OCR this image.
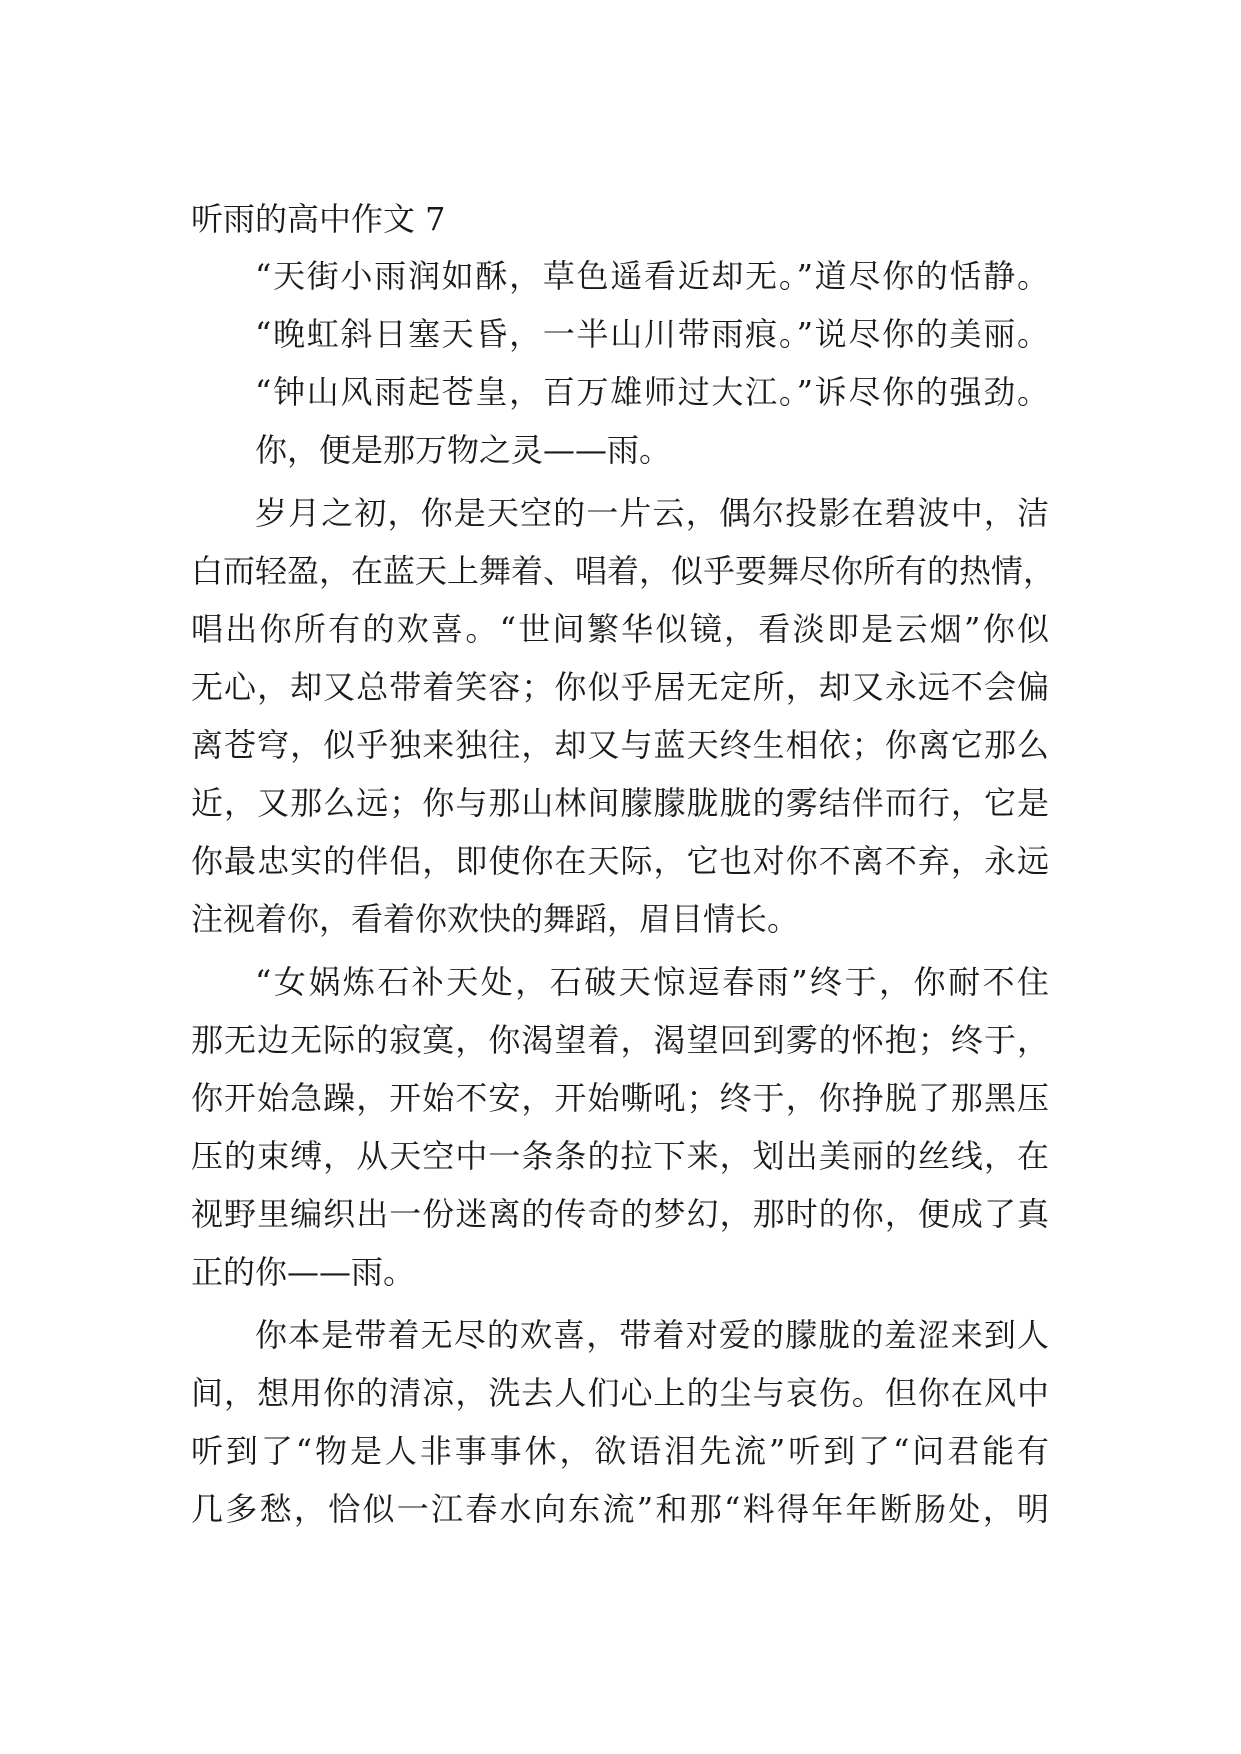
听雨的高中作文 7
“天街小雨润如酥，草色遥看近却无。”道尽你的恬静。
“晚虹斜日塞天昏，一半山川带雨痕。”说尽你的美丽。
“钟山风雨起苍皇，百万雄师过大江。”诉尽你的强劲。
你，便是那万物之灵——雨。
岁月之初，你是天空的一片云，偶尔投影在碧波中，洁
白而轻盈，在蓝天上舞着、唱着，似乎要舞尽你所有的热情，
唱出你所有的欢喜。“世间繁华似镜，看淡即是云烟”你似
无心，却又总带着笑容；你似乎居无定所，却又永远不会偏
离苍穹，似乎独来独往，却又与蓝天终生相依；你离它那么
近，又那么远；你与那山林间朦朦胧胧的雾结伴而行，它是
你最忠实的伴侣，即使你在天际，它也对你不离不弃，永远
注视着你，看着你欢快的舞蹈，眉目情长。
“女娲炼石补天处，石破天惊逗春雨”终于，你耐不住
那无边无际的寂寞，你渴望着，渴望回到雾的怀抱；终于，
你开始急躁，开始不安，开始嘶吼；终于，你挣脱了那黑压
压的束缚，从天空中一条条的拉下来，划出美丽的丝线，在
视野里编织出一份迷离的传奇的梦幻，那时的你，便成了真
正的你——雨。
你本是带着无尽的欢喜，带着对爱的朦胧的羞涩来到人
间，想用你的清凉，洗去人们心上的尘与哀伤。但你在风中
听到了“物是人非事事休，欲语泪先流”听到了“问君能有
几多愁，恰似一江春水向东流”和那“料得年年断肠处，明
